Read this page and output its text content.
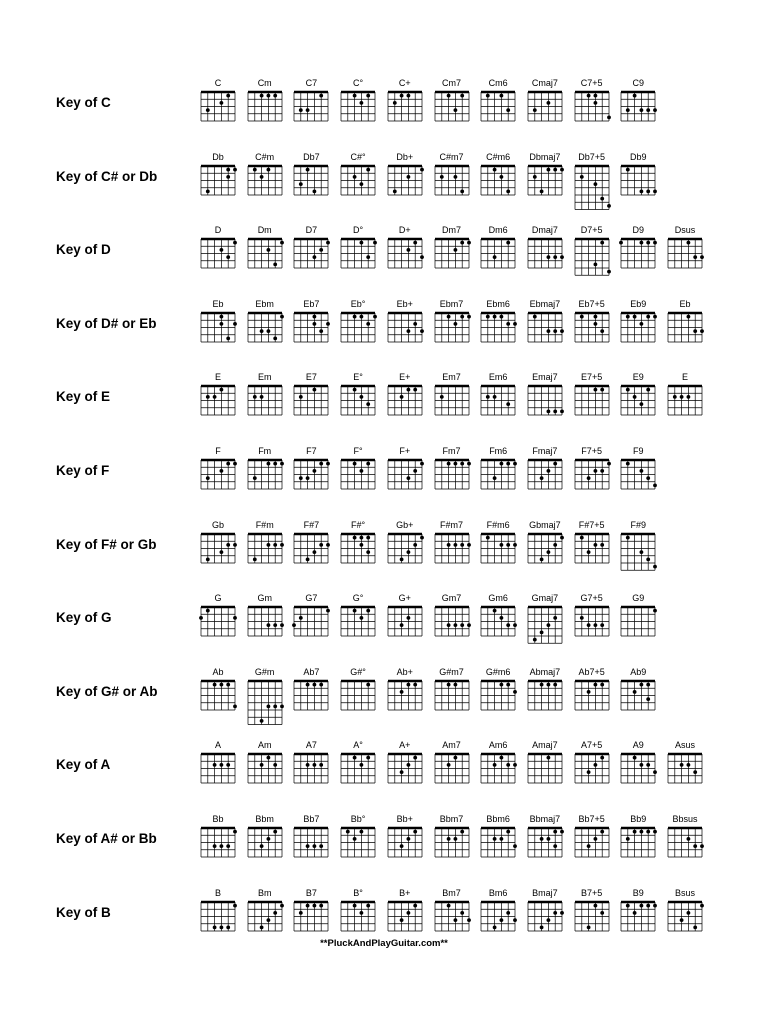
Key of C
C	Cm	C7	C°	C+	Cm7	Cm6	Cmaj7	C7+5	C9
Key of C# or Db
Db	C#m	Db7	C#°	Db+	C#m7	C#m6	Dbmaj7	Db7+5	Db9
Key of D
D	Dm	D7	D°	D+	Dm7	Dm6	Dmaj7	D7+5	D9	Dsus
Key of D# or Eb
Eb	Ebm	Eb7	Eb°	Eb+	Ebm7	Ebm6	Ebmaj7	Eb7+5	Eb9	Eb
Key of E
E	Em	E7	E°	E+	Em7	Em6	Emaj7	E7+5	E9	E
Key of F
F	Fm	F7	F°	F+	Fm7	Fm6	Fmaj7	F7+5	F9
Key of F# or Gb
Gb	F#m	F#7	F#°	Gb+	F#m7	F#m6	Gbmaj7	F#7+5	F#9
Key of G
G	Gm	G7	G°	G+	Gm7	Gm6	Gmaj7	G7+5	G9
Key of G# or Ab
Ab	G#m	Ab7	G#°	Ab+	G#m7	G#m6	Abmaj7	Ab7+5	Ab9
Key of A
A	Am	A7	A°	A+	Am7	Am6	Amaj7	A7+5	A9	Asus
Key of A# or Bb
Bb	Bbm	Bb7	Bb°	Bb+	Bbm7	Bbm6	Bbmaj7	Bb7+5	Bb9	Bbsus
Key of B
B	Bm	B7	B°	B+	Bm7	Bm6	Bmaj7	B7+5	B9	Bsus
**PluckAndPlayGuitar.com**
